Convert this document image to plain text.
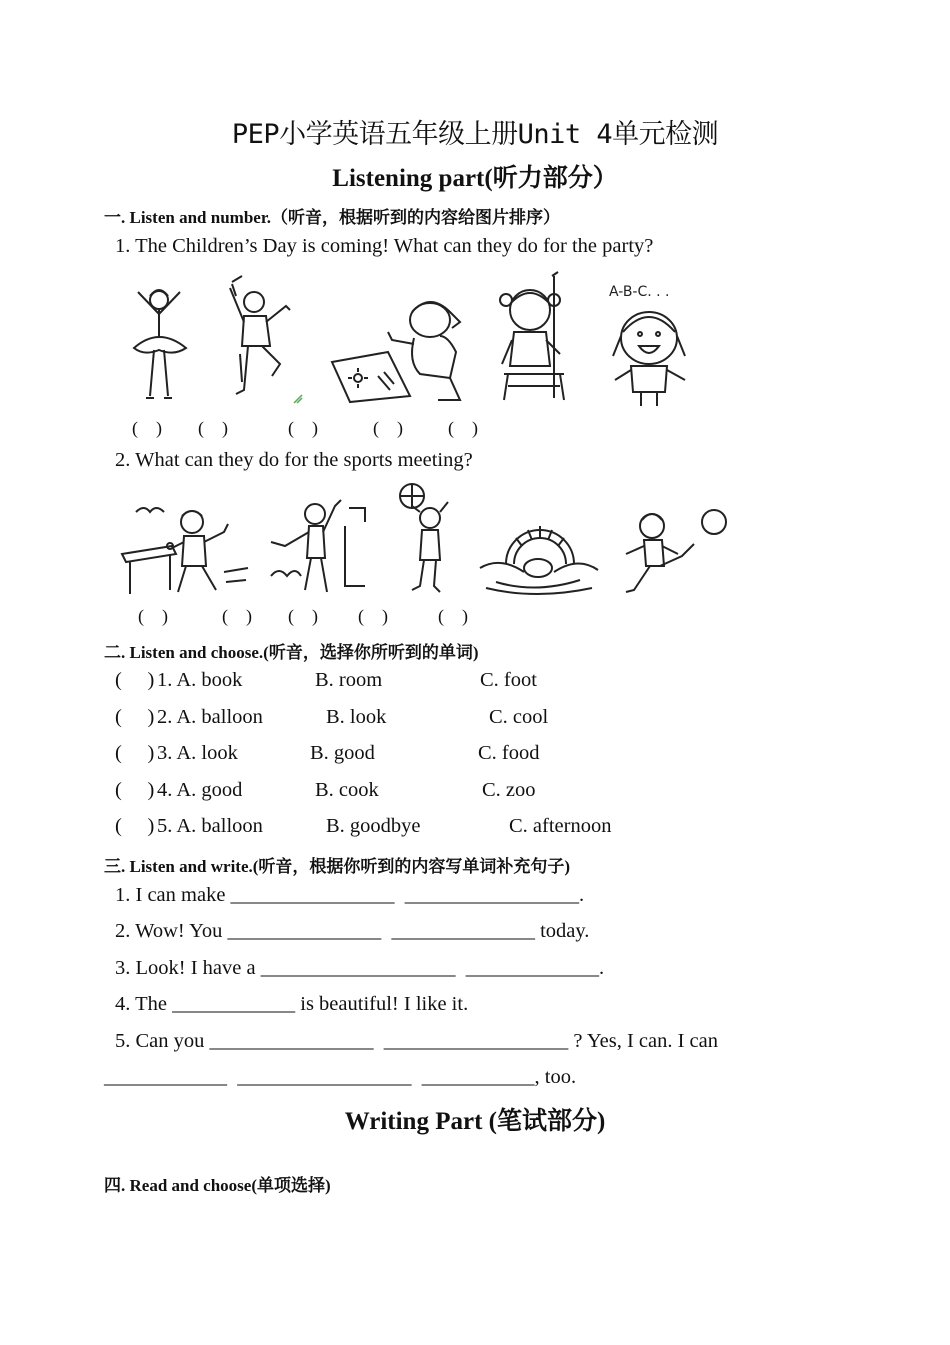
PEP小学英语五年级上册Unit 4单元检测
Listening part(听力部分）
一. Listen and number.（听音，根据听到的内容给图片排序）
1. The Children’s Day is coming! What can they do for the party?
A-B-C. . .
(    ) (    )	(    )	(    )	(    )
2. What can they do for the sports meeting?
(    )	(    ) (    ) (    )	(    )
二. Listen and choose.(听音，选择你所听到的单词)
(     ) 1. A. book	B. room	C. foot
(     ) 2. A. balloon	B. look	C. cool
(     ) 3. A. look	B. good	C. food
(     ) 4. A. good	B. cook	C. zoo
(     ) 5. A. balloon	B. goodbye	C. afternoon
三. Listen and write.(听音，根据你听到的内容写单词补充句子)
1. I can make ________________  _________________.
2. Wow! You _______________  ______________ today.
3. Look! I have a ___________________  _____________.
4. The ____________ is beautiful! I like it.
5. Can you ________________  __________________ ? Yes, I can. I can
____________  _________________  ___________, too.
Writing Part (笔试部分)
四. Read and choose(单项选择)
